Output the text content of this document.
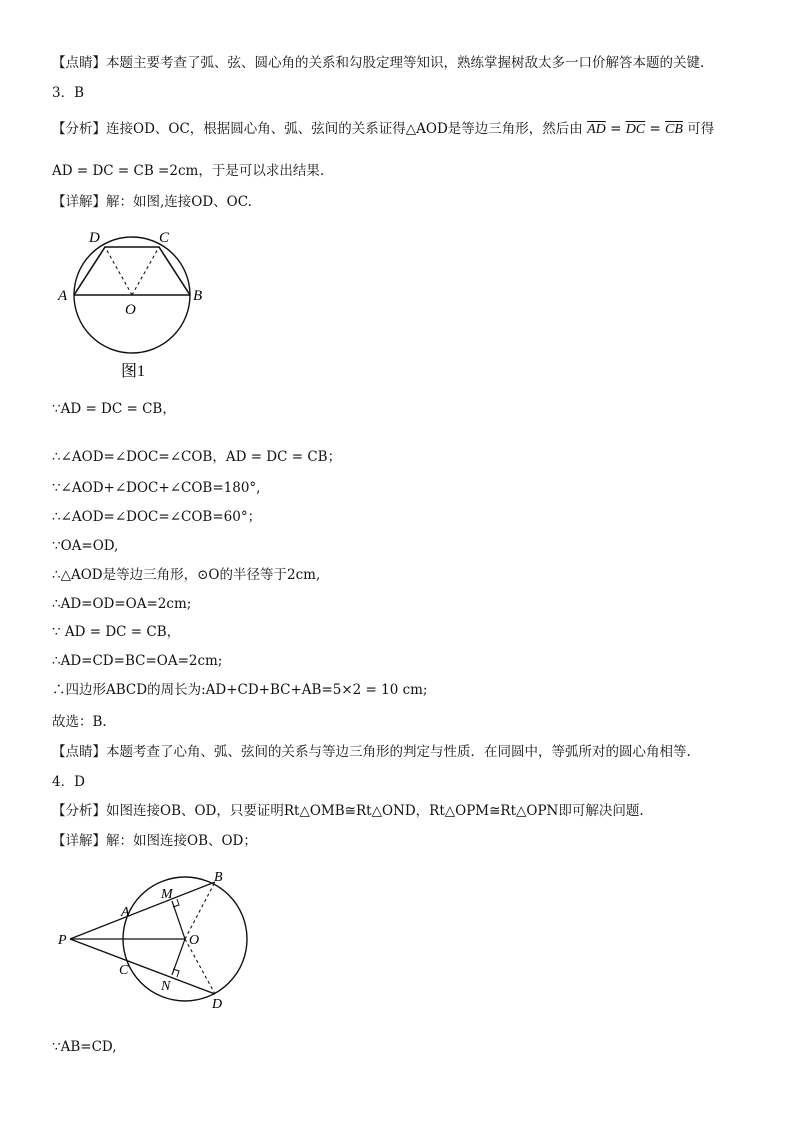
【点睛】本题主要考查了弧、弦、圆心角的关系和勾股定理等知识，熟练掌握树敌太多一口价解答本题的关键.
3．B
【分析】连接OD、OC，根据圆心角、弧、弦间的关系证得△AOD是等边三角形，然后由 $\overline{AD} = \overline{DC} = \overline{CB}$ 可得
AD = DC = CB =2cm，于是可以求出结果.
【详解】解：如图,连接OD、OC.
D	C
A	B
O
图1
∵AD = DC = CB，
∴∠AOD=∠DOC=∠COB，AD = DC = CB；
∵∠AOD+∠DOC+∠COB=180°,
∴∠AOD=∠DOC=∠COB=60°；
∵OA=OD,
∴△AOD是等边三角形，⊙O的半径等于2cm,
∴AD=OD=OA=2cm;
∵ AD = DC = CB，
∴AD=CD=BC=OA=2cm;
∴四边形ABCD的周长为:AD+CD+BC+AB=5×2 = 10 cm;
故选：B.
【点睛】本题考查了心角、弧、弦间的关系与等边三角形的判定与性质．在同圆中，等弧所对的圆心角相等.
4．D
【分析】如图连接OB、OD，只要证明Rt△OMB≅Rt△OND，Rt△OPM≅Rt△OPN即可解决问题.
【详解】解：如图连接OB、OD；
P
A
B
M
O
C
N
D
∵AB=CD,
